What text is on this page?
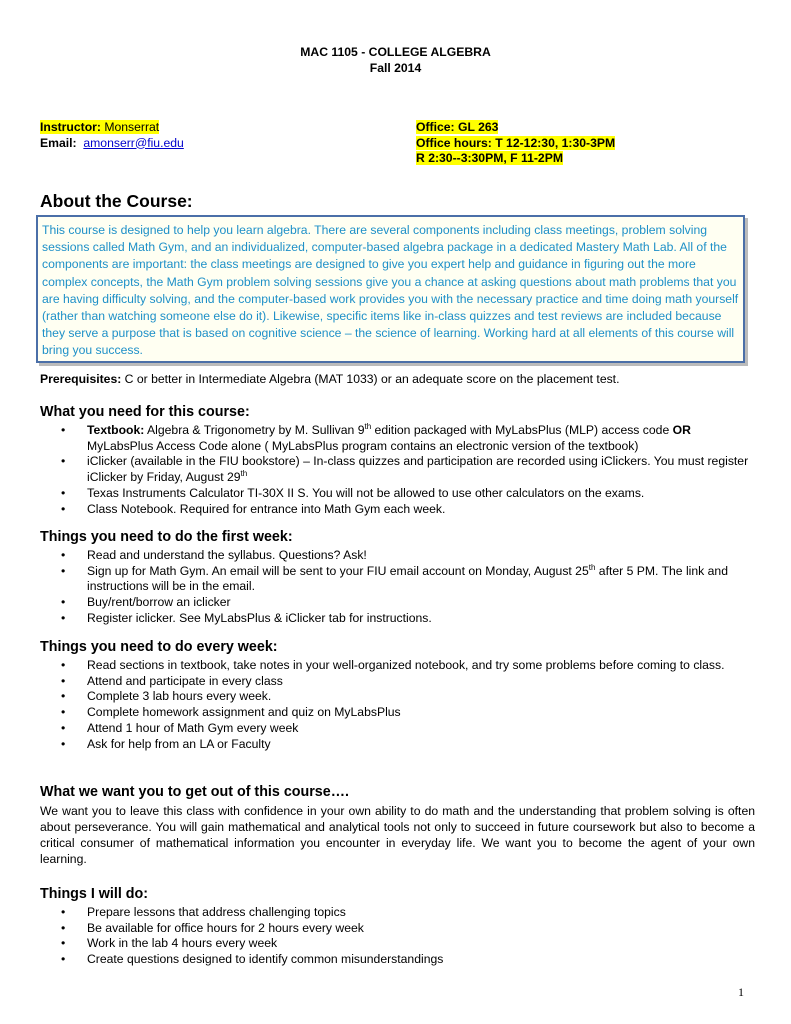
MAC 1105 - COLLEGE ALGEBRA
Fall 2014
Instructor: Monserrat
Email: amonserr@fiu.edu
Office: GL 263
Office hours: T 12-12:30, 1:30-3PM
R 2:30--3:30PM, F 11-2PM
About the Course:
This course is designed to help you learn algebra. There are several components including class meetings, problem solving sessions called Math Gym, and an individualized, computer-based algebra package in a dedicated Mastery Math Lab. All of the components are important: the class meetings are designed to give you expert help and guidance in figuring out the more complex concepts, the Math Gym problem solving sessions give you a chance at asking questions about math problems that you are having difficulty solving, and the computer-based work provides you with the necessary practice and time doing math yourself (rather than watching someone else do it). Likewise, specific items like in-class quizzes and test reviews are included because they serve a purpose that is based on cognitive science – the science of learning. Working hard at all elements of this course will bring you success.
Prerequisites: C or better in Intermediate Algebra (MAT 1033) or an adequate score on the placement test.
What you need for this course:
• Textbook: Algebra & Trigonometry by M. Sullivan 9th edition packaged with MyLabsPlus (MLP) access code OR MyLabsPlus Access Code alone ( MyLabsPlus program contains an electronic version of the textbook)
• iClicker (available in the FIU bookstore) – In-class quizzes and participation are recorded using iClickers. You must register iClicker by Friday, August 29th
• Texas Instruments Calculator TI-30X II S. You will not be allowed to use other calculators on the exams.
• Class Notebook. Required for entrance into Math Gym each week.
Things you need to do the first week:
• Read and understand the syllabus. Questions? Ask!
• Sign up for Math Gym. An email will be sent to your FIU email account on Monday, August 25th after 5 PM. The link and instructions will be in the email.
• Buy/rent/borrow an iclicker
• Register iclicker. See MyLabsPlus & iClicker tab for instructions.
Things you need to do every week:
• Read sections in textbook, take notes in your well-organized notebook, and try some problems before coming to class.
• Attend and participate in every class
• Complete 3 lab hours every week.
• Complete homework assignment and quiz on MyLabsPlus
• Attend 1 hour of Math Gym every week
• Ask for help from an LA or Faculty
What we want you to get out of this course….

We want you to leave this class with confidence in your own ability to do math and the understanding that problem solving is often about perseverance. You will gain mathematical and analytical tools not only to succeed in future coursework but also to become a critical consumer of mathematical information you encounter in everyday life. We want you to become the agent of your own learning.

Things I will do:
• Prepare lessons that address challenging topics
• Be available for office hours for 2 hours every week
• Work in the lab 4 hours every week
• Create questions designed to identify common misunderstandings
1
